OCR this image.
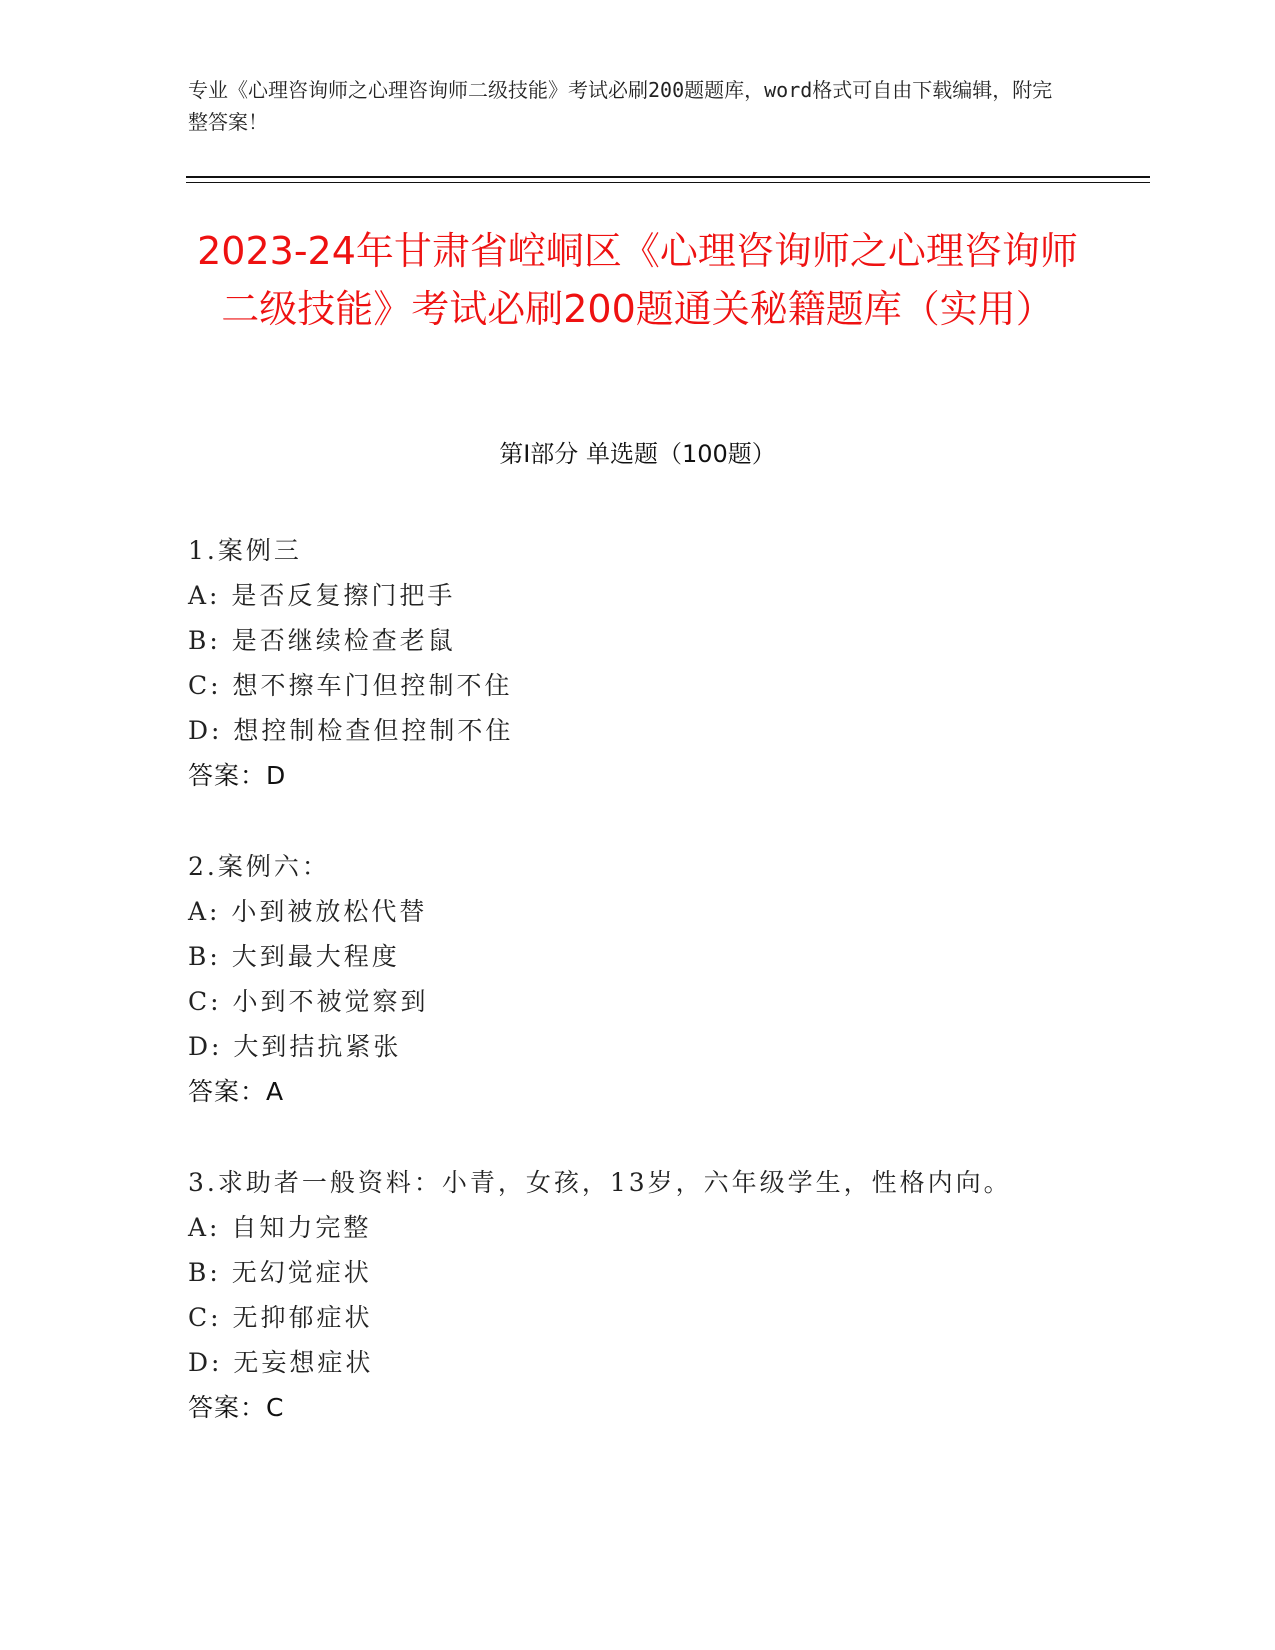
专业《心理咨询师之心理咨询师二级技能》考试必刷200题题库，word格式可自由下载编辑，附完整答案！

2023-24年甘肃省崆峒区《心理咨询师之心理咨询师二级技能》考试必刷200题通关秘籍题库（实用）
第I部分 单选题（100题）
1.案例三
A: 是否反复擦门把手
B: 是否继续检查老鼠
C: 想不擦车门但控制不住
D: 想控制检查但控制不住
答案：D
2.案例六：
A: 小到被放松代替
B: 大到最大程度
C: 小到不被觉察到
D: 大到拮抗紧张
答案：A
3.求助者一般资料：小青，女孩，13岁，六年级学生，性格内向。
A: 自知力完整
B: 无幻觉症状
C: 无抑郁症状
D: 无妄想症状
答案：C
